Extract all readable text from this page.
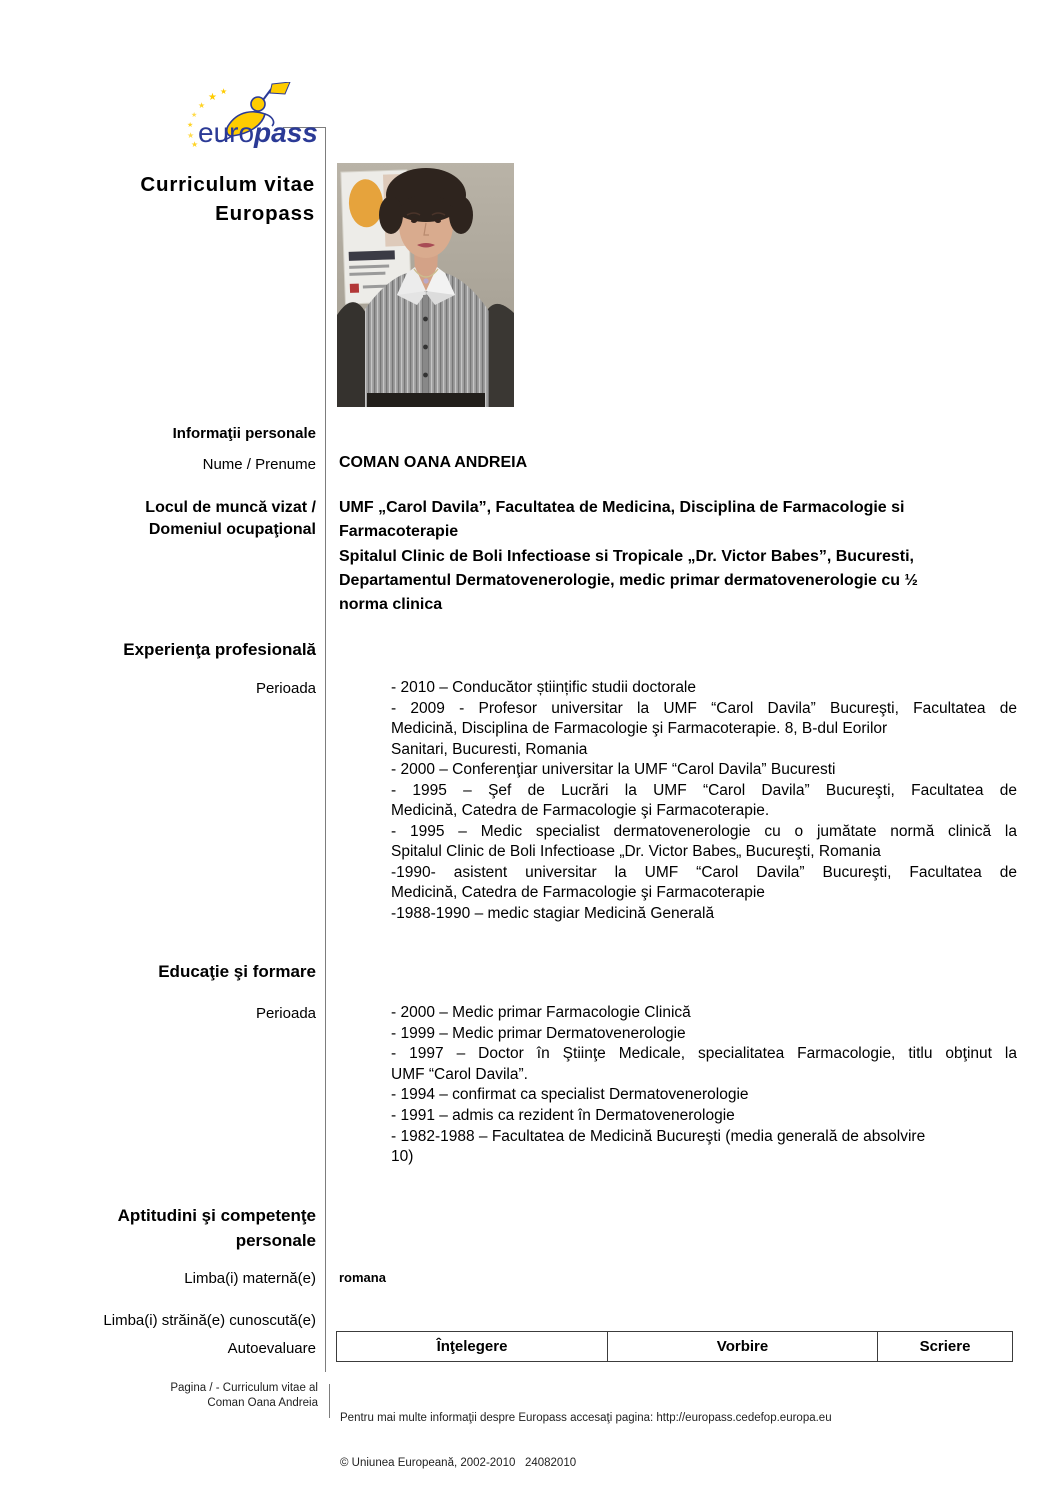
★
★
★
★
★
★
★
europass
Curriculum vitae
Europass
Informaţii personale
Nume / Prenume COMAN OANA ANDREIA
Locul de muncă vizat /
Domeniul ocupaţional
UMF „Carol Davila”, Facultatea de Medicina, Disciplina de Farmacologie si
Farmacoterapie
Spitalul Clinic de Boli Infectioase si Tropicale „Dr. Victor Babes”, Bucuresti,
Departamentul Dermatovenerologie, medic primar dermatovenerologie cu ½
norma clinica
Experienţa profesională
Perioada	- 2010 – Conducător științific studii doctorale
- 2009 - Profesor universitar la UMF “Carol Davila” Bucureşti, Facultatea de
Medicină, Disciplina de Farmacologie şi Farmacoterapie. 8, B-dul Eorilor
Sanitari, Bucuresti, Romania
- 2000 – Conferenţiar universitar la UMF “Carol Davila” Bucuresti
- 1995 – Şef de Lucrări la UMF “Carol Davila” Bucureşti, Facultatea de
Medicină, Catedra de Farmacologie şi Farmacoterapie.
- 1995 – Medic specialist dermatovenerologie cu o jumătate normă clinică la
Spitalul Clinic de Boli Infectioase „Dr. Victor Babes„ Bucureşti, Romania
-1990- asistent universitar la UMF “Carol Davila” Bucureşti, Facultatea de
Medicină, Catedra de Farmacologie şi Farmacoterapie
-1988-1990 – medic stagiar Medicină Generală
Educaţie şi formare
Perioada	- 2000 – Medic primar Farmacologie Clinică
- 1999 – Medic primar Dermatovenerologie
- 1997 – Doctor în Ştiinţe Medicale, specialitatea Farmacologie, titlu obţinut la
UMF “Carol Davila”.
- 1994 – confirmat ca specialist Dermatovenerologie
- 1991 – admis ca rezident în Dermatovenerologie
- 1982-1988 – Facultatea de Medicină Bucureşti (media generală de absolvire
10)
Aptitudini şi competenţe
personale
Limba(i) maternă(e) romana
Limba(i) străină(e) cunoscută(e)
Autoevaluare	Înţelegere	Vorbire	Scriere
Pagina / - Curriculum vitae al
Coman Oana Andreia

Pentru mai multe informaţii despre Europass accesaţi pagina: http://europass.cedefop.europa.eu

© Uniunea Europeană, 2002-2010   24082010
